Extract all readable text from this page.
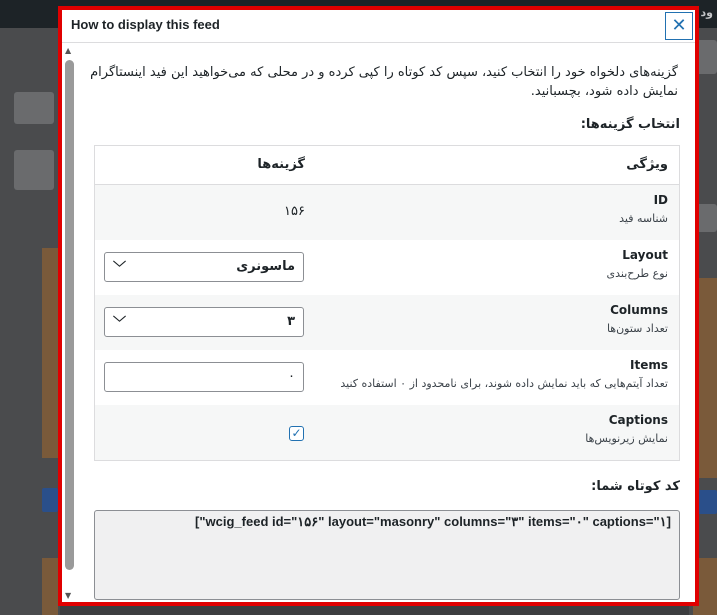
ود
How to display this feed	✕
▲
▼

گزینه‌های دلخواه خود را انتخاب کنید، سپس کد کوتاه را کپی کرده و در محلی که می‌خواهید این فید اینستاگرام نمایش داده شود، بچسبانید.

انتخاب گزینه‌ها:
ویژگی
گزینه‌ها
ID
شناسه فید
۱۵۶
Layout
نوع طرح‌بندی
ماسونری
﹀
Columns
تعداد ستون‌ها
۳
﹀
Items
تعداد آیتم‌هایی که باید نمایش داده شوند، برای نامحدود از ۰ استفاده کنید
۰
Captions
نمایش زیرنویس‌ها
✓
کد کوتاه شما:
["wcig_feed id="۱۵۶" layout="masonry" columns="۳" items="۰" captions="۱]
